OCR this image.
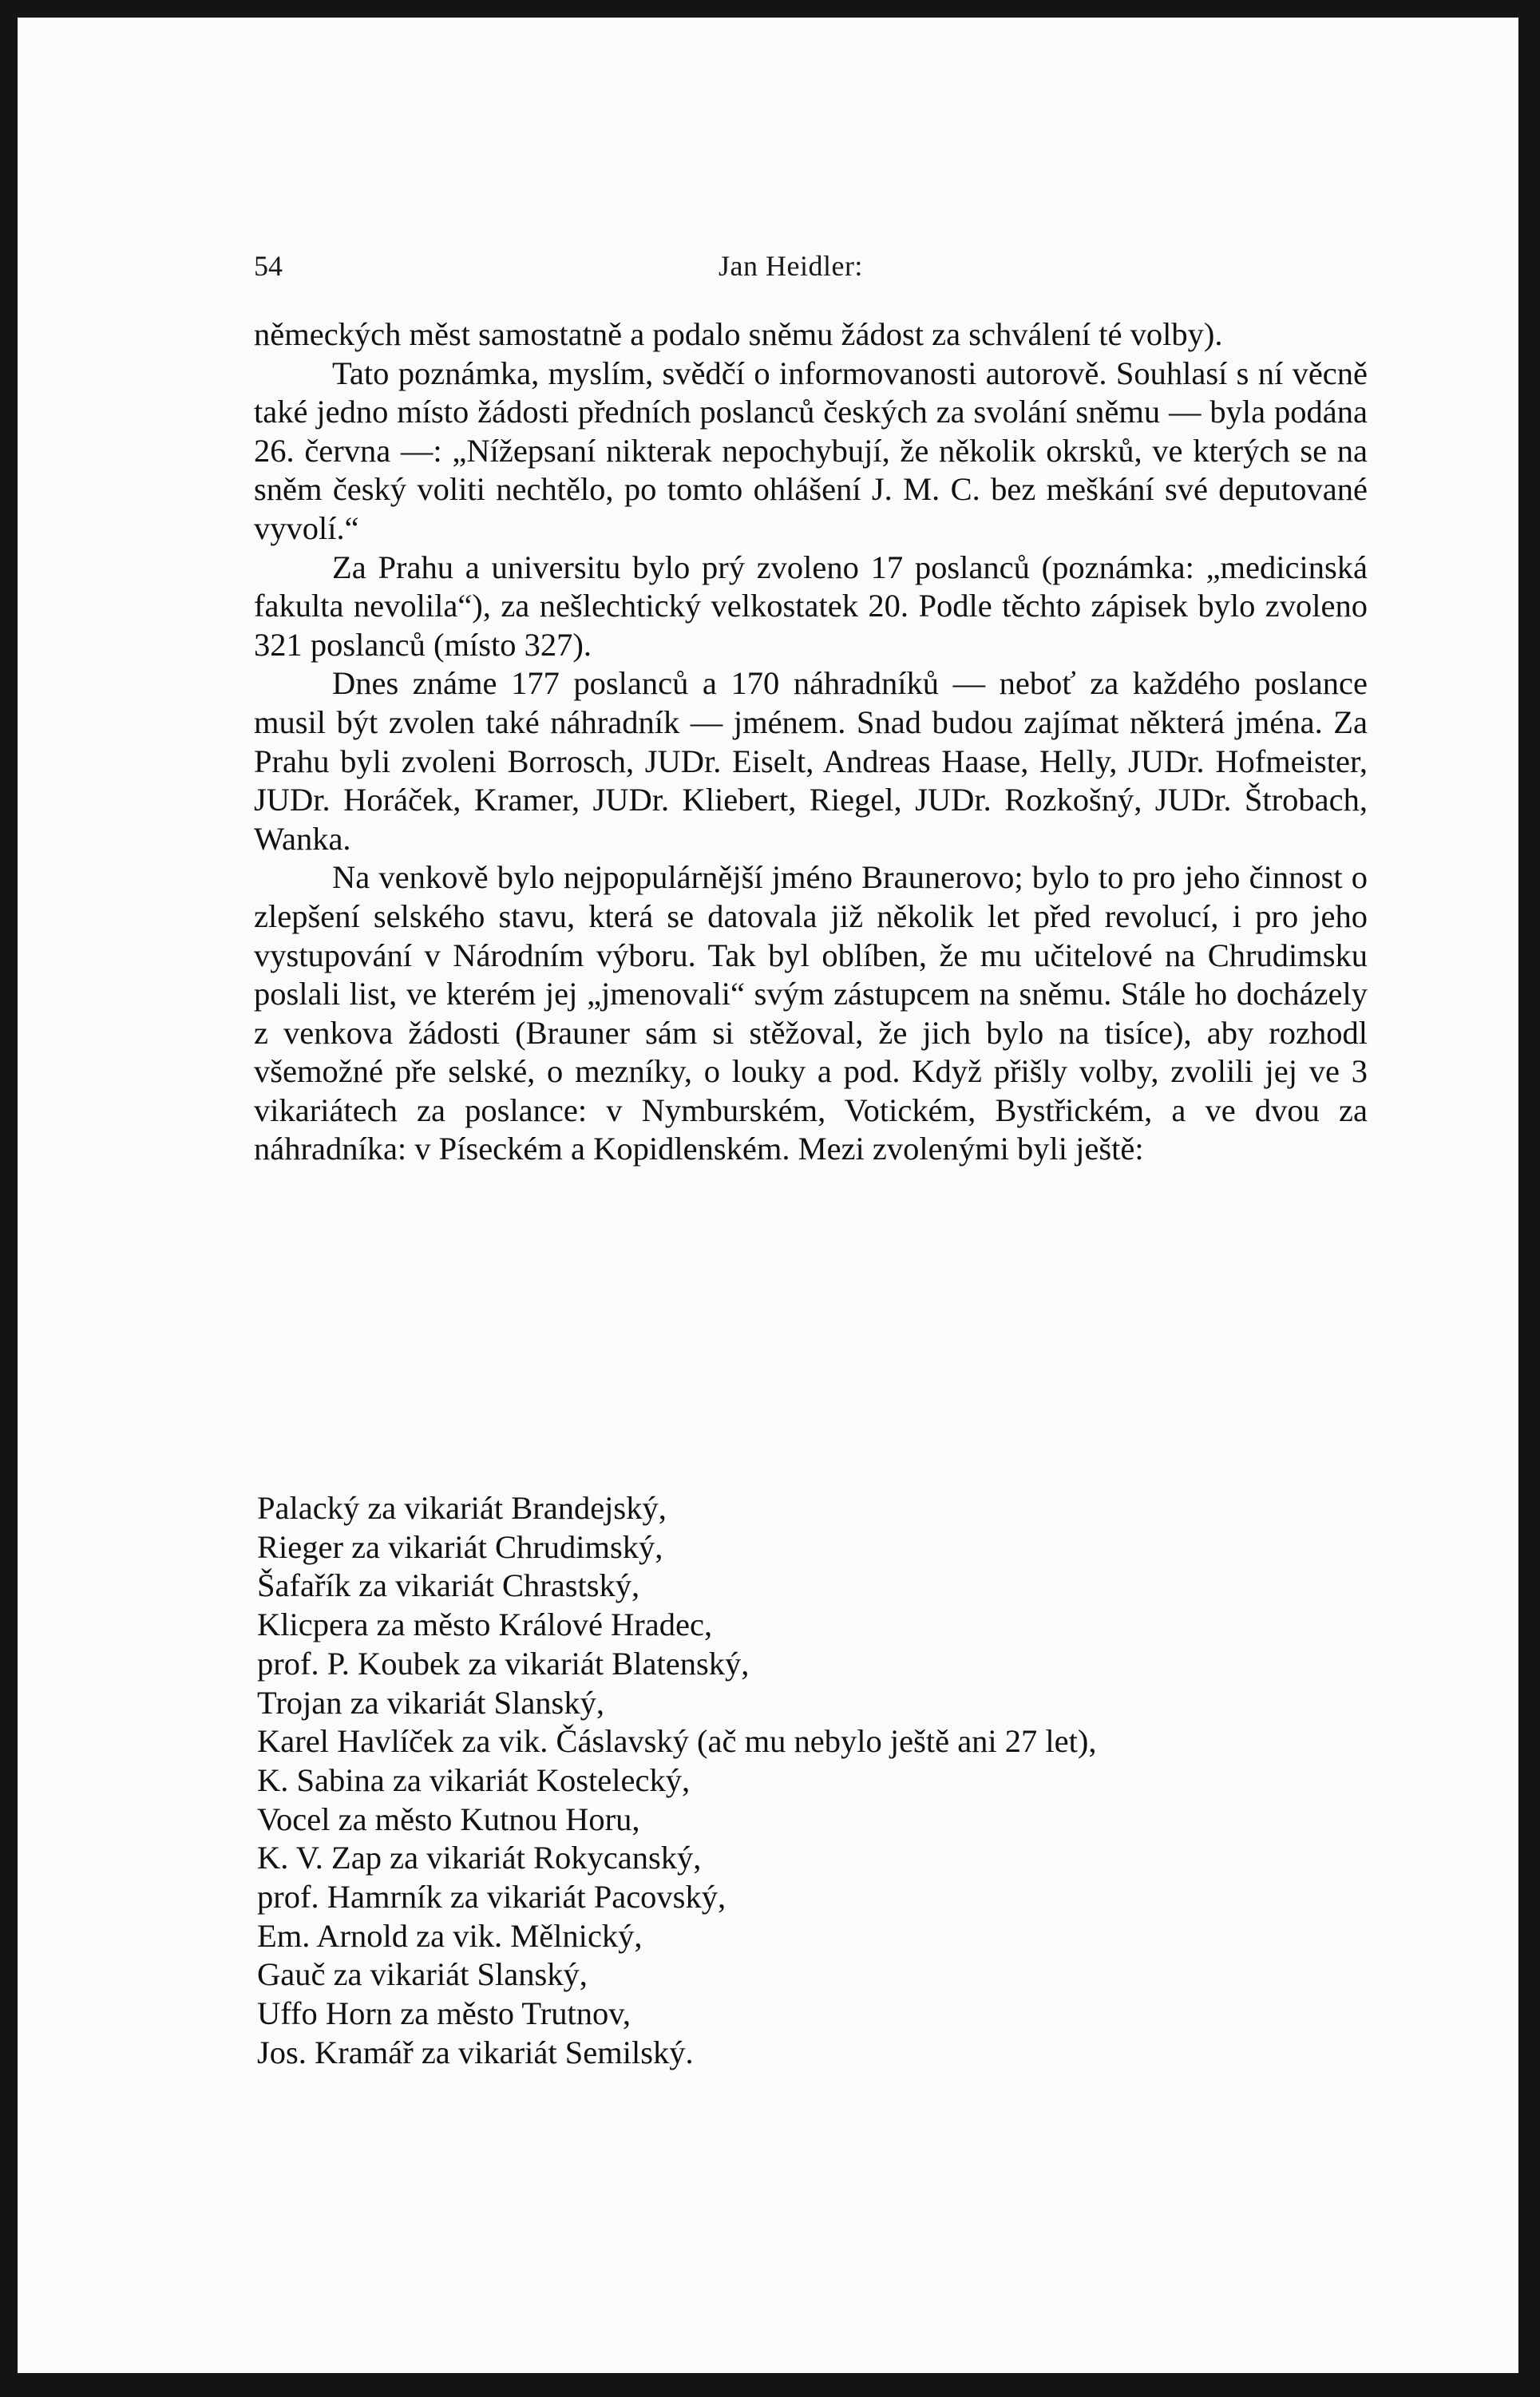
54	Jan Heidler:

německých měst samostatně a podalo sněmu žádost za schválení té volby).

Tato poznámka, myslím, svědčí o informovanosti autorově. Souhlasí s ní věcně také jedno místo žádosti předních poslanců českých za svolání sněmu — byla podána 26. června —: „Nížepsaní nikterak nepochybují, že několik okrsků, ve kterých se na sněm český voliti nechtělo, po tomto ohlášení J. M. C. bez meškání své deputované vyvolí.“

Za Prahu a universitu bylo prý zvoleno 17 poslanců (poznámka: „medicinská fakulta nevolila“), za nešlechtický velkostatek 20. Podle těchto zápisek bylo zvoleno 321 poslanců (místo 327).

Dnes známe 177 poslanců a 170 náhradníků — neboť za každého poslance musil být zvolen také náhradník — jménem. Snad budou zajímat některá jména. Za Prahu byli zvoleni Borrosch, JUDr. Eiselt, Andreas Haase, Helly, JUDr. Hofmeister, JUDr. Horáček, Kramer, JUDr. Kliebert, Riegel, JUDr. Rozkošný, JUDr. Štrobach, Wanka.

Na venkově bylo nejpopulárnější jméno Braunerovo; bylo to pro jeho činnost o zlepšení selského stavu, která se datovala již několik let před revolucí, i pro jeho vystupování v Národním výboru. Tak byl oblíben, že mu učitelové na Chrudimsku poslali list, ve kterém jej „jmenovali“ svým zástupcem na sněmu. Stále ho docházely z venkova žádosti (Brauner sám si stěžoval, že jich bylo na tisíce), aby rozhodl všemožné pře selské, o mezníky, o louky a pod. Když přišly volby, zvolili jej ve 3 vikariátech za poslance: v Nymburském, Votickém, Bystřickém, a ve dvou za náhradníka: v Píseckém a Kopidlenském. Mezi zvolenými byli ještě:

Palacký za vikariát Brandejský,
Rieger za vikariát Chrudimský,
Šafařík za vikariát Chrastský,
Klicpera za město Králové Hradec,
prof. P. Koubek za vikariát Blatenský,
Trojan za vikariát Slanský,
Karel Havlíček za vik. Čáslavský (ač mu nebylo ještě ani 27 let),
K. Sabina za vikariát Kostelecký,
Vocel za město Kutnou Horu,
K. V. Zap za vikariát Rokycanský,
prof. Hamrník za vikariát Pacovský,
Em. Arnold za vik. Mělnický,
Gauč za vikariát Slanský,
Uffo Horn za město Trutnov,
Jos. Kramář za vikariát Semilský.
